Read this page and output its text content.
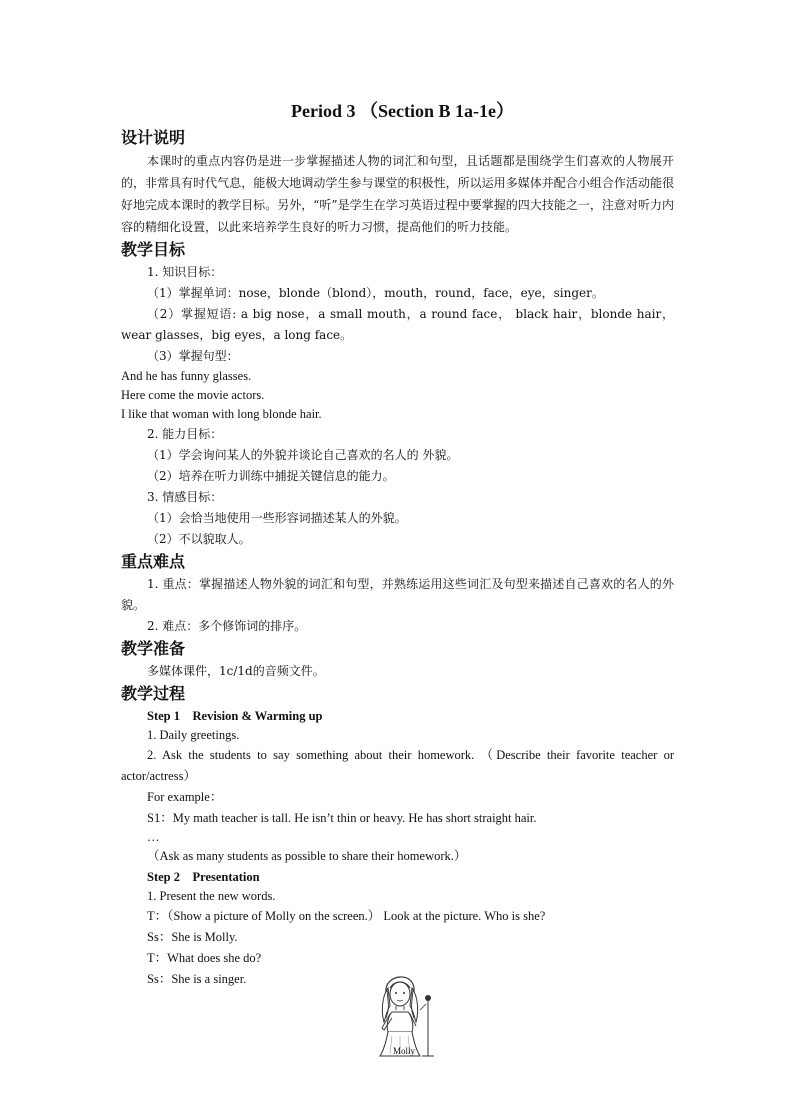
Period 3 （Section B 1a-1e）
设计说明
本课时的重点内容仍是进一步掌握描述人物的词汇和句型，且话题都是围绕学生们喜欢的人物展开的，非常具有时代气息，能极大地调动学生参与课堂的积极性，所以运用多媒体并配合小组合作活动能很好地完成本课时的教学目标。另外，“听”是学生在学习英语过程中要掌握的四大技能之一，注意对听力内容的精细化设置，以此来培养学生良好的听力习惯，提高他们的听力技能。
教学目标
1. 知识目标：
（1）掌握单词：nose，blonde（blond），mouth，round，face，eye，singer。
（2）掌握短语: a big nose，a small mouth，a round face， black hair，blonde hair，wear glasses，big eyes，a long face。
（3）掌握句型：
And he has funny glasses.
Here come the movie actors.
I like that woman with long blonde hair.
2. 能力目标：
（1）学会询问某人的外貌并谈论自己喜欢的名人的 外貌。
（2）培养在听力训练中捕捉关键信息的能力。
3. 情感目标：
（1）会恰当地使用一些形容词描述某人的外貌。
（2）不以貌取人。
重点难点
1. 重点：掌握描述人物外貌的词汇和句型，并熟练运用这些词汇及句型来描述自己喜欢的名人的外貌。
2. 难点：多个修饰词的排序。
教学准备
多媒体课件，1c/1d的音频文件。
教学过程
Step 1　Revision & Warming up
1. Daily greetings.
2. Ask the students to say something about their homework. （Describe their favorite teacher or actor/actress）
For example：
S1：My math teacher is tall. He isn’t thin or heavy. He has short straight hair.
…
（Ask as many students as possible to share their homework.）
Step 2　Presentation
1. Present the new words.
T：（Show a picture of Molly on the screen.） Look at the picture. Who is she?
Ss：She is Molly.
T：What does she do?
Ss：She is a singer.
Molly
